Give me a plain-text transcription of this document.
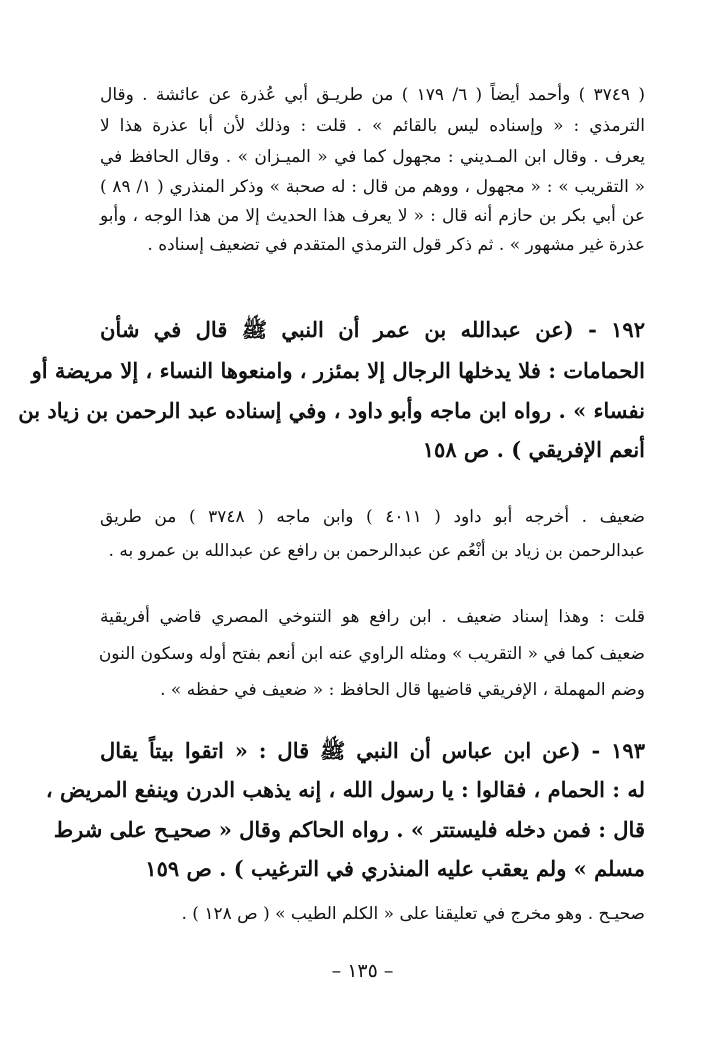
( ٣٧٤٩ ) وأحمد أيضاً ( ٦/ ١٧٩ ) من طريـق أبي عُذرة عن عائشة . وقال
الترمذي : « وإسناده ليس بالقائم » . قلت : وذلك لأن أبا عذرة هذا لا
يعرف . وقال ابن المـديني : مجهول كما في « الميـزان » . وقال الحافظ في
« التقريب » : « مجهول ، ووهم من قال : له صحبة » وذكر المنذري ( ١/ ٨٩ )
عن أبي بكر بن حازم أنه قال : « لا يعرف هذا الحديث إلا من هذا الوجه ، وأبو
عذرة غير مشهور » . ثم ذكر قول الترمذي المتقدم في تضعيف إسناده .
١٩٢ - (عن عبدالله بن عمر أن النبي ﷺ قال في شأن
الحمامات : فلا يدخلها الرجال إلا بمئزر ، وامنعوها النساء ، إلا مريضة أو
نفساء » . رواه ابن ماجه وأبو داود ، وفي إسناده عبد الرحمن بن زياد بن
أنعم الإفريقي ) . ص ١٥٨
ضعيف . أخرجه أبو داود ( ٤٠١١ ) وابن ماجه ( ٣٧٤٨ ) من طريق
عبدالرحمن بن زياد بن أنْعُم عن عبدالرحمن بن رافع عن عبدالله بن عمرو به .
قلت : وهذا إسناد ضعيف . ابن رافع هو التنوخي المصري قاضي أفريقية
ضعيف كما في « التقريب » ومثله الراوي عنه ابن أنعم بفتح أوله وسكون النون
وضم المهملة ، الإفريقي قاضيها قال الحافظ : « ضعيف في حفظه » .
١٩٣ - (عن ابن عباس أن النبي ﷺ قال : « اتقوا بيتاً يقال
له : الحمام ، فقالوا : يا رسول الله ، إنه يذهب الدرن وينفع المريض ،
قال : فمن دخله فليستتر » . رواه الحاكم وقال « صحيـح على شرط
مسلم » ولم يعقب عليه المنذري في الترغيب ) . ص ١٥٩
صحيـح . وهو مخرج في تعليقنا على « الكلم الطيب » ( ص ١٢٨ ) .
– ١٣٥ –
